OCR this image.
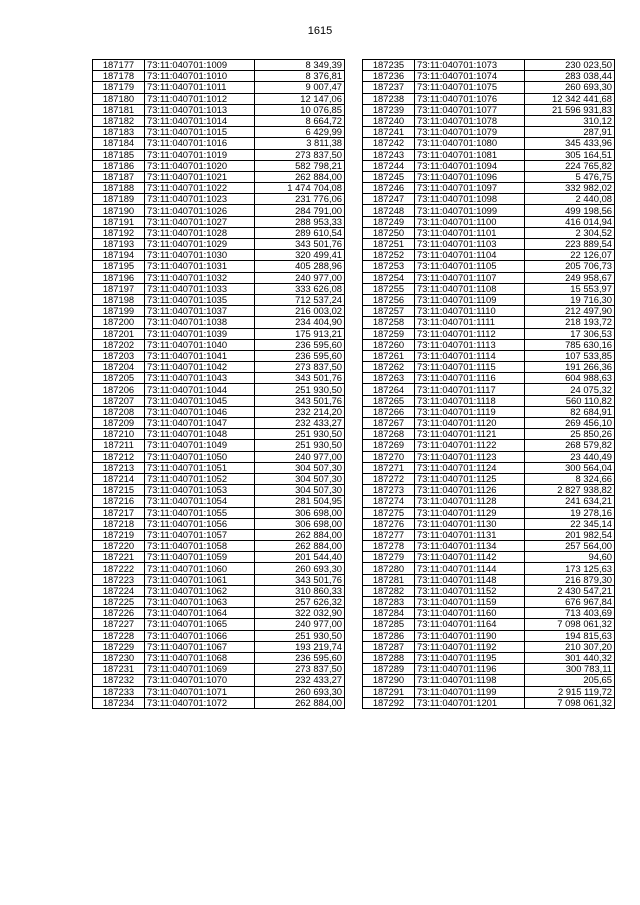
1615
187177	73:11:040701:1009	8 349,39
187178	73:11:040701:1010	8 376,81
187179	73:11:040701:1011	9 007,47
187180	73:11:040701:1012	12 147,06
187181	73:11:040701:1013	10 076,85
187182	73:11:040701:1014	8 664,72
187183	73:11:040701:1015	6 429,99
187184	73:11:040701:1016	3 811,38
187185	73:11:040701:1019	273 837,50
187186	73:11:040701:1020	582 798,21
187187	73:11:040701:1021	262 884,00
187188	73:11:040701:1022	1 474 704,08
187189	73:11:040701:1023	231 776,06
187190	73:11:040701:1026	284 791,00
187191	73:11:040701:1027	288 953,33
187192	73:11:040701:1028	289 610,54
187193	73:11:040701:1029	343 501,76
187194	73:11:040701:1030	320 499,41
187195	73:11:040701:1031	405 288,96
187196	73:11:040701:1032	240 977,00
187197	73:11:040701:1033	333 626,08
187198	73:11:040701:1035	712 537,24
187199	73:11:040701:1037	216 003,02
187200	73:11:040701:1038	234 404,90
187201	73:11:040701:1039	175 913,21
187202	73:11:040701:1040	236 595,60
187203	73:11:040701:1041	236 595,60
187204	73:11:040701:1042	273 837,50
187205	73:11:040701:1043	343 501,76
187206	73:11:040701:1044	251 930,50
187207	73:11:040701:1045	343 501,76
187208	73:11:040701:1046	232 214,20
187209	73:11:040701:1047	232 433,27
187210	73:11:040701:1048	251 930,50
187211	73:11:040701:1049	251 930,50
187212	73:11:040701:1050	240 977,00
187213	73:11:040701:1051	304 507,30
187214	73:11:040701:1052	304 507,30
187215	73:11:040701:1053	304 507,30
187216	73:11:040701:1054	281 504,95
187217	73:11:040701:1055	306 698,00
187218	73:11:040701:1056	306 698,00
187219	73:11:040701:1057	262 884,00
187220	73:11:040701:1058	262 884,00
187221	73:11:040701:1059	201 544,40
187222	73:11:040701:1060	260 693,30
187223	73:11:040701:1061	343 501,76
187224	73:11:040701:1062	310 860,33
187225	73:11:040701:1063	257 626,32
187226	73:11:040701:1064	322 032,90
187227	73:11:040701:1065	240 977,00
187228	73:11:040701:1066	251 930,50
187229	73:11:040701:1067	193 219,74
187230	73:11:040701:1068	236 595,60
187231	73:11:040701:1069	273 837,50
187232	73:11:040701:1070	232 433,27
187233	73:11:040701:1071	260 693,30
187234	73:11:040701:1072	262 884,00
187235	73:11:040701:1073	230 023,50
187236	73:11:040701:1074	283 038,44
187237	73:11:040701:1075	260 693,30
187238	73:11:040701:1076	12 342 441,68
187239	73:11:040701:1077	21 596 931,83
187240	73:11:040701:1078	310,12
187241	73:11:040701:1079	287,91
187242	73:11:040701:1080	345 433,96
187243	73:11:040701:1081	305 164,51
187244	73:11:040701:1094	224 765,82
187245	73:11:040701:1096	5 476,75
187246	73:11:040701:1097	332 982,02
187247	73:11:040701:1098	2 440,08
187248	73:11:040701:1099	499 198,56
187249	73:11:040701:1100	416 014,94
187250	73:11:040701:1101	2 304,52
187251	73:11:040701:1103	223 889,54
187252	73:11:040701:1104	22 126,07
187253	73:11:040701:1105	205 706,73
187254	73:11:040701:1107	249 958,67
187255	73:11:040701:1108	15 553,97
187256	73:11:040701:1109	19 716,30
187257	73:11:040701:1110	212 497,90
187258	73:11:040701:1111	218 193,72
187259	73:11:040701:1112	17 306,53
187260	73:11:040701:1113	785 630,16
187261	73:11:040701:1114	107 533,85
187262	73:11:040701:1115	191 266,36
187263	73:11:040701:1116	604 988,63
187264	73:11:040701:1117	24 075,32
187265	73:11:040701:1118	560 110,82
187266	73:11:040701:1119	82 684,91
187267	73:11:040701:1120	269 456,10
187268	73:11:040701:1121	25 850,26
187269	73:11:040701:1122	268 579,82
187270	73:11:040701:1123	23 440,49
187271	73:11:040701:1124	300 564,04
187272	73:11:040701:1125	8 324,66
187273	73:11:040701:1126	2 827 938,82
187274	73:11:040701:1128	241 634,21
187275	73:11:040701:1129	19 278,16
187276	73:11:040701:1130	22 345,14
187277	73:11:040701:1131	201 982,54
187278	73:11:040701:1134	257 564,00
187279	73:11:040701:1142	94,60
187280	73:11:040701:1144	173 125,63
187281	73:11:040701:1148	216 879,30
187282	73:11:040701:1152	2 430 547,21
187283	73:11:040701:1159	676 967,84
187284	73:11:040701:1160	713 403,69
187285	73:11:040701:1164	7 098 061,32
187286	73:11:040701:1190	194 815,63
187287	73:11:040701:1192	210 307,20
187288	73:11:040701:1195	301 440,32
187289	73:11:040701:1196	300 783,11
187290	73:11:040701:1198	205,65
187291	73:11:040701:1199	2 915 119,72
187292	73:11:040701:1201	7 098 061,32
